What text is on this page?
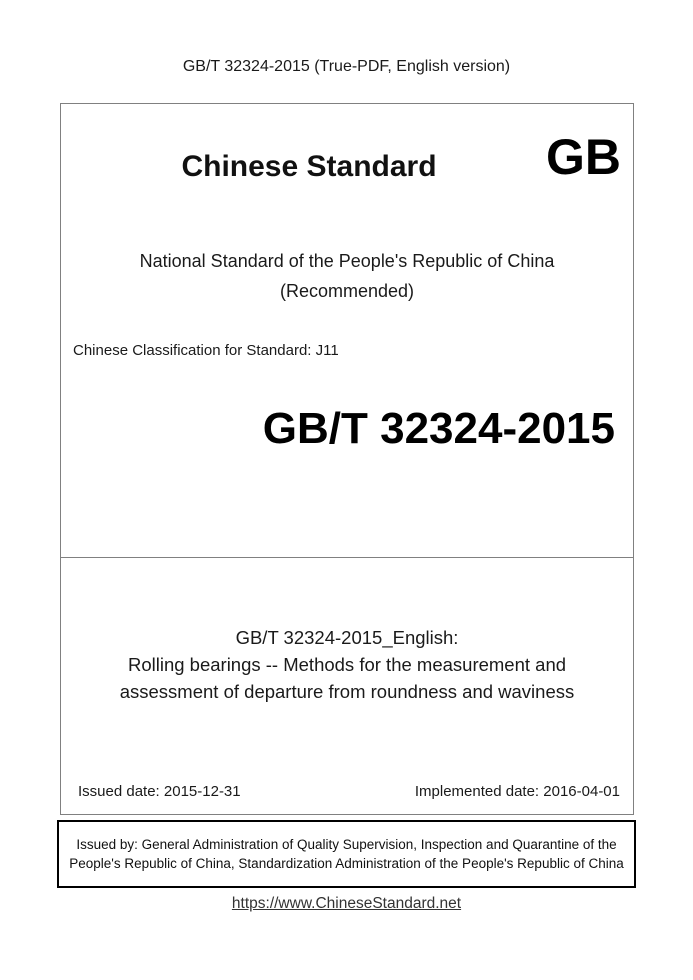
GB/T 32324-2015 (True-PDF, English version)
Chinese Standard	GB
National Standard of the People's Republic of China
(Recommended)
Chinese Classification for Standard: J11
GB/T 32324-2015
GB/T 32324-2015_English:
Rolling bearings -- Methods for the measurement and
assessment of departure from roundness and waviness
Issued date: 2015-12-31	Implemented date: 2016-04-01
Issued by: General Administration of Quality Supervision, Inspection and Quarantine of the People's Republic of China, Standardization Administration of the People's Republic of China
https://www.ChineseStandard.net
